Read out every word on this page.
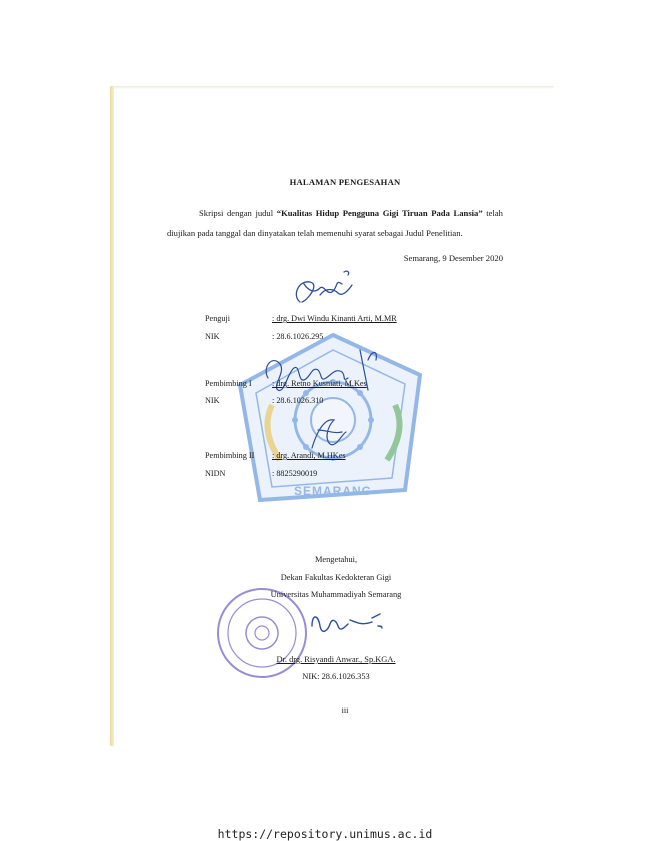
SEMARANG
HALAMAN PENGESAHAN
Skripsi dengan judul “Kualitas Hidup Pengguna Gigi Tiruan Pada Lansia” telah diujikan pada tanggal dan dinyatakan telah memenuhi syarat sebagai Judul Penelitian.
Semarang, 9 Desember 2020
Penguji	: drg. Dwi Windu Kinanti Arti, M.MR
NIK	: 28.6.1026.295
Pembimbing I : drg. Retno Kusniati, M.Kes
NIK	: 28.6.1026.310
Pembimbing II : drg. Arandi, M.HKes
NIDN	: 8825290019
Mengetahui,
Dekan Fakultas Kedokteran Gigi
Universitas Muhammadiyah Semarang
Dr. drg. Risyandi Anwar., Sp.KGA.
NIK: 28.6.1026.353
iii
https://repository.unimus.ac.id
